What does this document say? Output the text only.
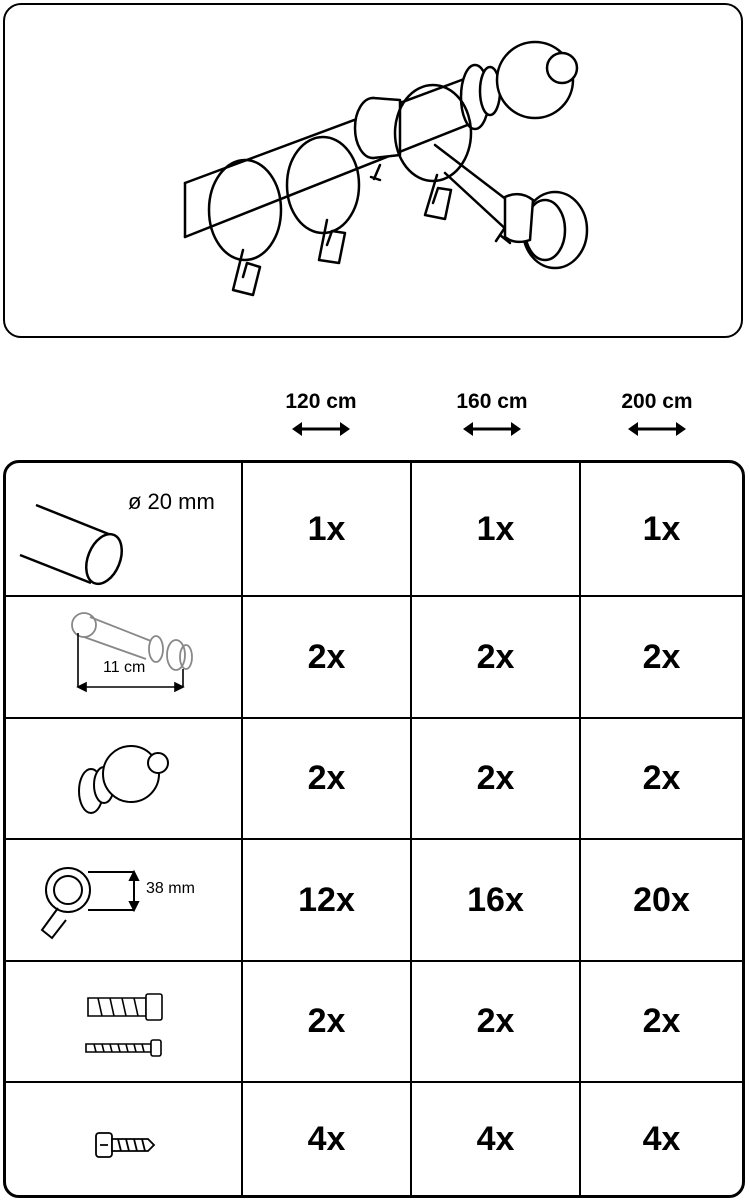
120 cm	160 cm	200 cm
ø 20 mm
1x	1x	1x
11 cm	2x	2x	2x
2x	2x	2x
38 mm	12x	16x	20x
2x	2x	2x
4x	4x	4x
